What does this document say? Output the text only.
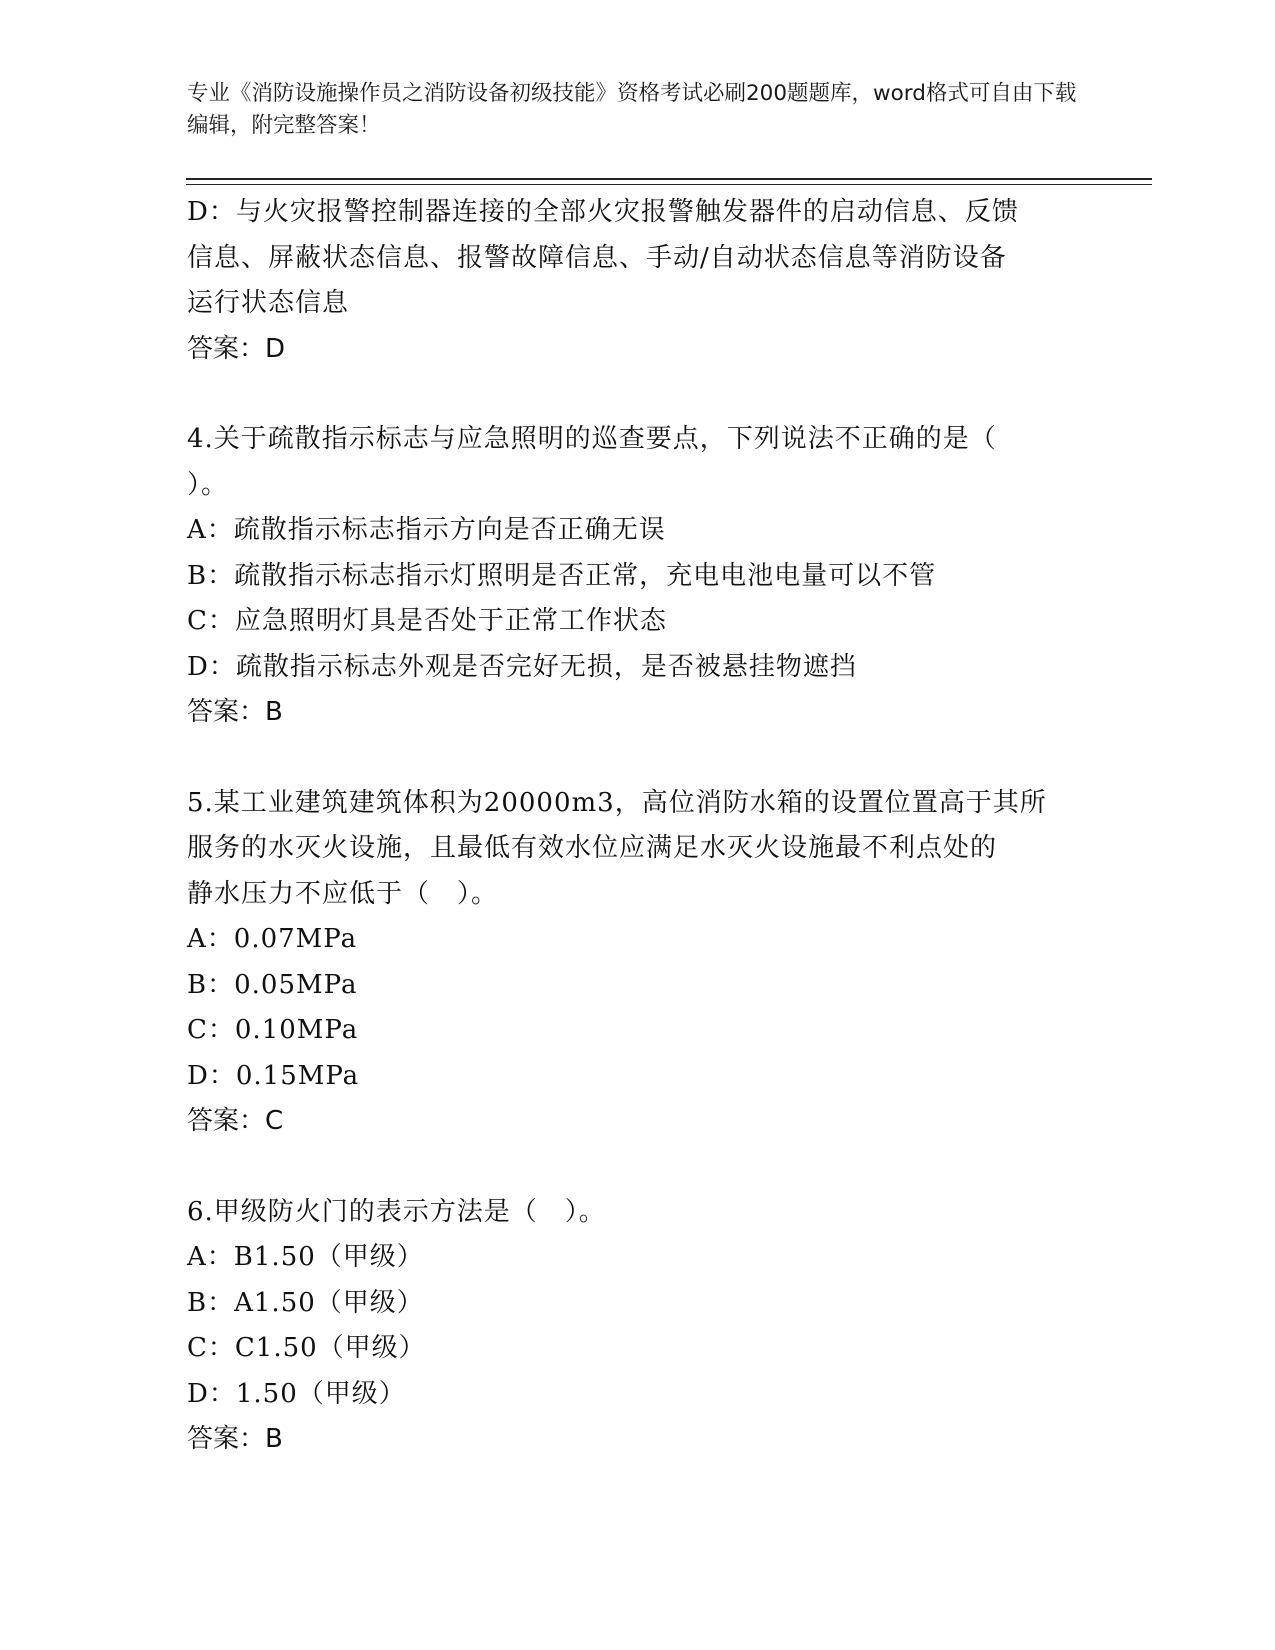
专业《消防设施操作员之消防设备初级技能》资格考试必刷200题题库，word格式可自由下载编辑，附完整答案！
D：与火灾报警控制器连接的全部火灾报警触发器件的启动信息、反馈
信息、屏蔽状态信息、报警故障信息、手动/自动状态信息等消防设备
运行状态信息
答案：D
4.关于疏散指示标志与应急照明的巡查要点，下列说法不正确的是（
）。
A：疏散指示标志指示方向是否正确无误
B：疏散指示标志指示灯照明是否正常，充电电池电量可以不管
C：应急照明灯具是否处于正常工作状态
D：疏散指示标志外观是否完好无损，是否被悬挂物遮挡
答案：B
5.某工业建筑建筑体积为20000m3，高位消防水箱的设置位置高于其所
服务的水灭火设施，且最低有效水位应满足水灭火设施最不利点处的
静水压力不应低于（　）。
A：0.07MPa
B：0.05MPa
C：0.10MPa
D：0.15MPa
答案：C
6.甲级防火门的表示方法是（　）。
A：B1.50（甲级）
B：A1.50（甲级）
C：C1.50（甲级）
D：1.50（甲级）
答案：B
